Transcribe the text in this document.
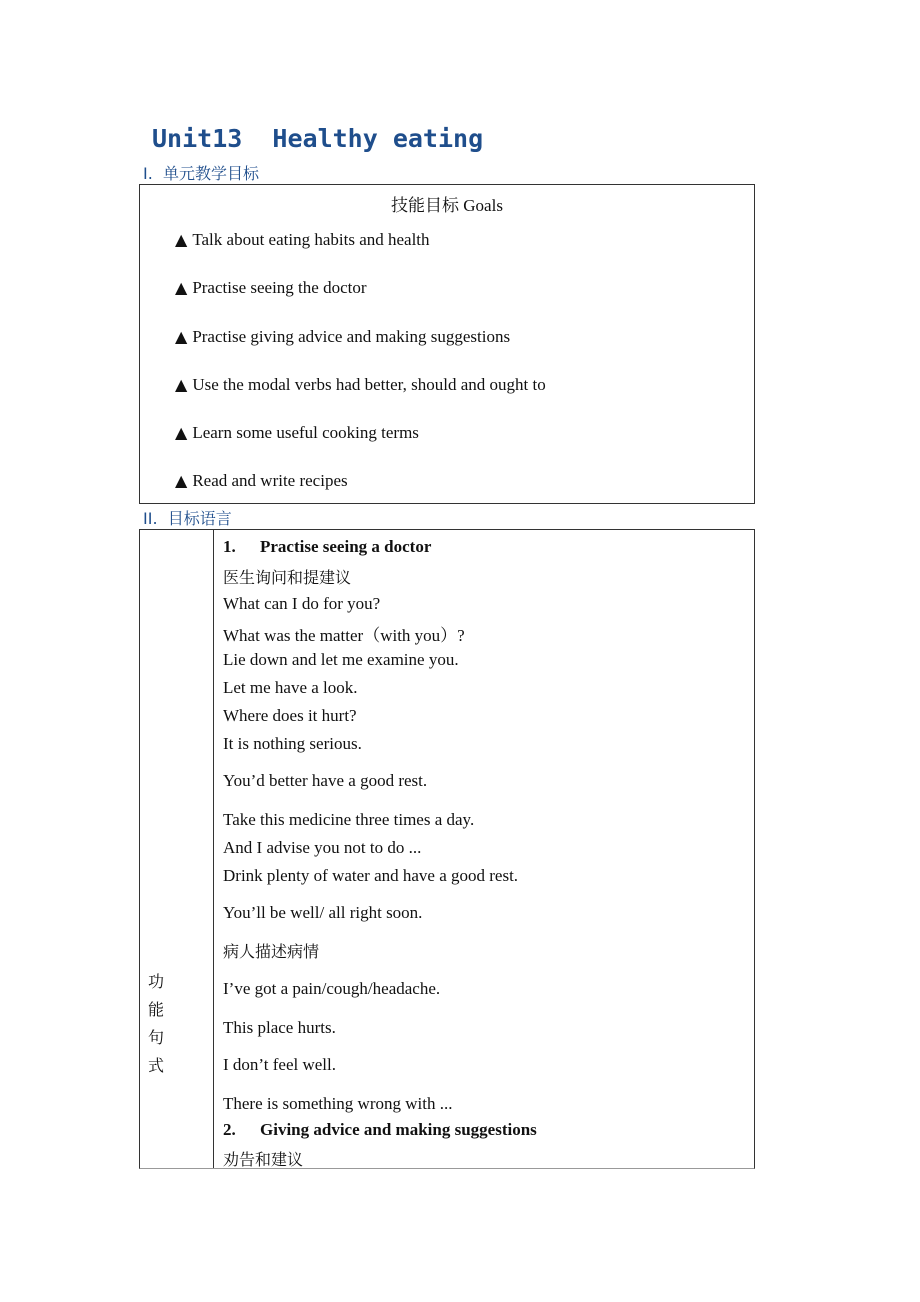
Unit13  Healthy eating
Ⅰ.  单元教学目标
技能目标 Goals
▲ Talk about eating habits and health
▲ Practise seeing the doctor
▲ Practise giving advice and making suggestions
▲ Use the modal verbs had better, should and ought to
▲ Learn some useful cooking terms
▲ Read and write recipes
ⅠⅠ.  目标语言
功
能
句
式
1. Practise seeing a doctor
医生询问和提建议
What can I do for you?
What was the matter（with you）?
Lie down and let me examine you.
Let me have a look.
Where does it hurt?
It is nothing serious.
You’d better have a good rest.
Take this medicine three times a day.
And I advise you not to do ...
Drink plenty of water and have a good rest.
You’ll be well/ all right soon.
病人描述病情
I’ve got a pain/cough/headache.
This place hurts.
I don’t feel well.
There is something wrong with ...
2. Giving advice and making suggestions
劝告和建议
